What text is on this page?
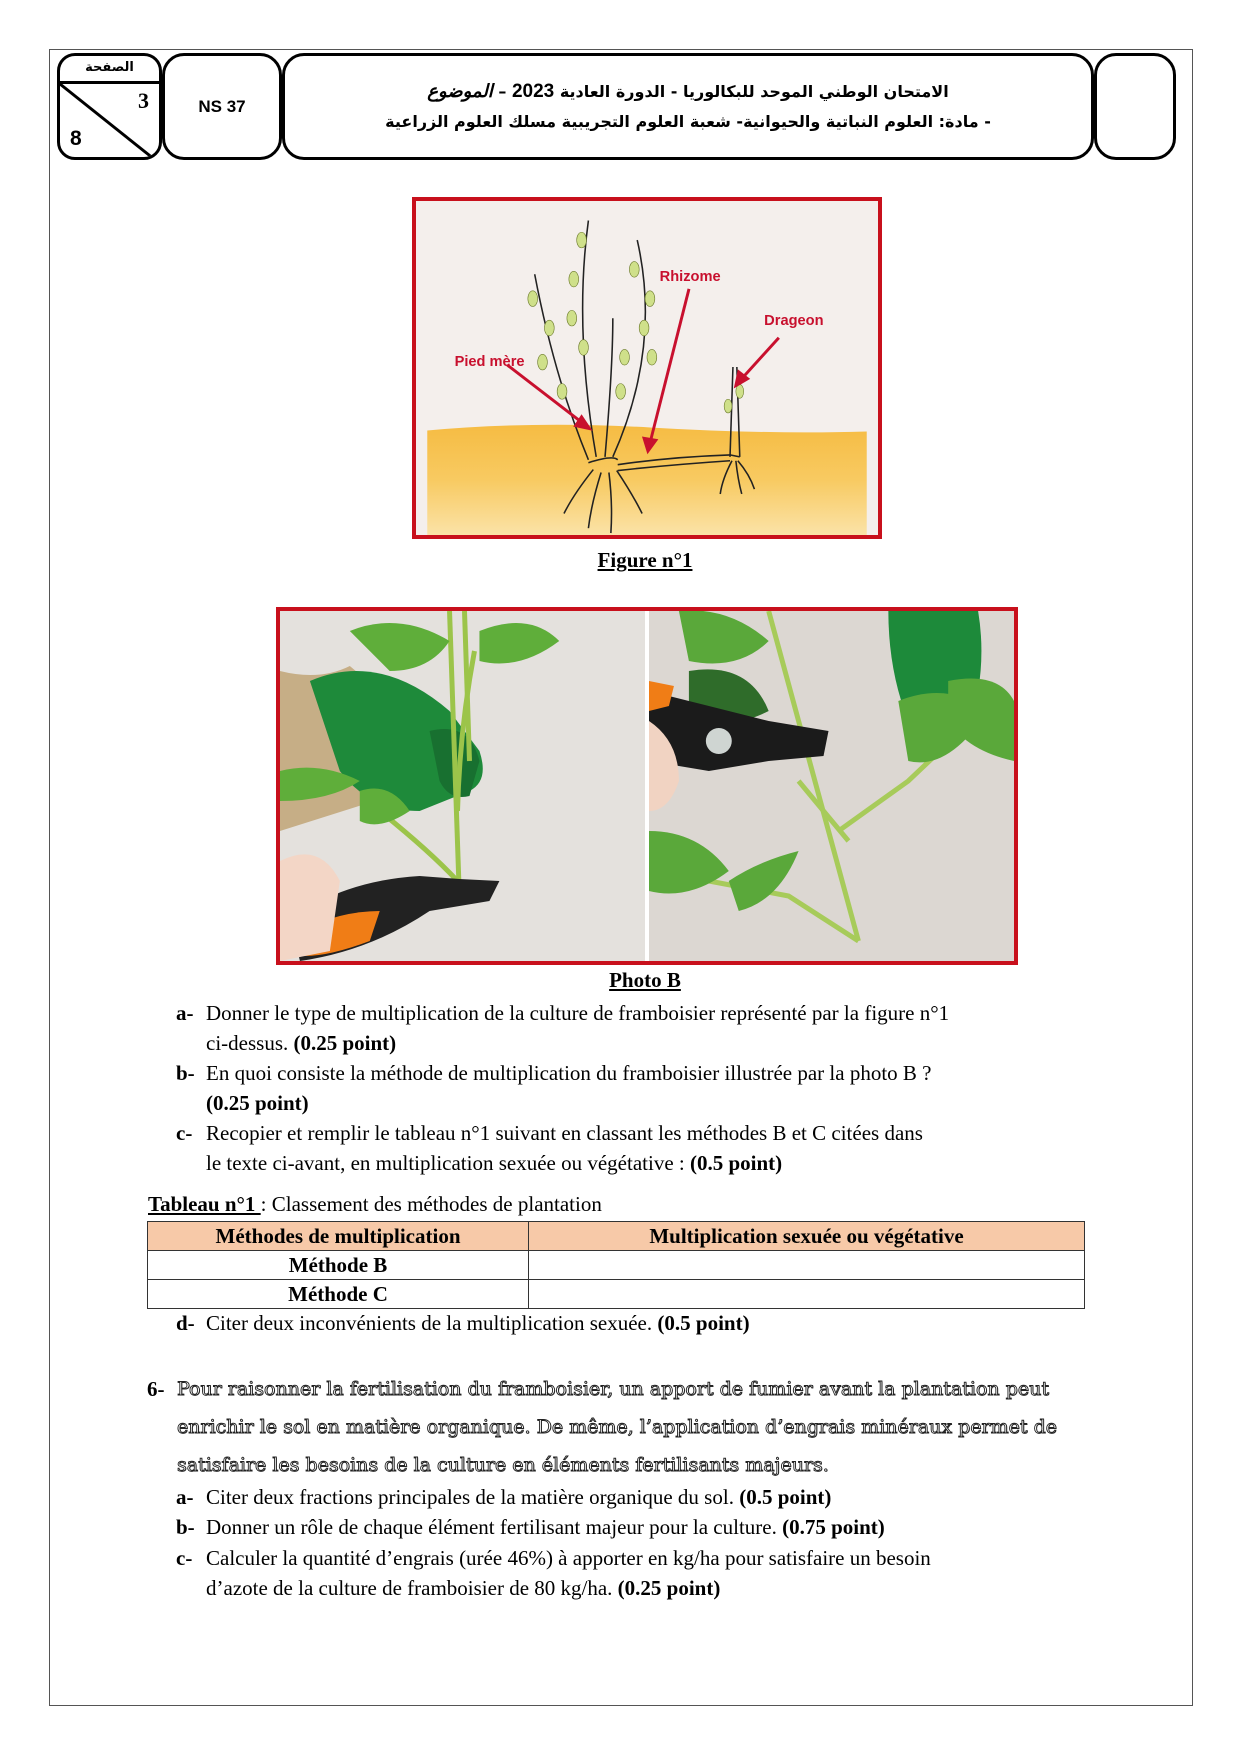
الصفحة
3
8
NS 37
الامتحان الوطني الموحد للبكالوريا - الدورة العادية 2023 – الموضوع
- مادة: العلوم النباتية والحيوانية- شعبة العلوم التجريبية مسلك العلوم الزراعية
Pied mère
Rhizome
Drageon
Figure n°1
Photo B
a- Donner le type de multiplication de la culture de framboisier représenté par la figure n°1
ci-dessus. (0.25 point)
b- En quoi consiste la méthode de multiplication du framboisier illustrée par la photo B ?
(0.25 point)
c- Recopier et remplir le tableau n°1 suivant en classant les méthodes B et C citées dans
le texte ci-avant, en multiplication sexuée ou végétative : (0.5 point)
Tableau n°1 : Classement des méthodes de plantation
Méthodes de multiplication	Multiplication sexuée ou végétative
Méthode B	
Méthode C	
d- Citer deux inconvénients de la multiplication sexuée. (0.5 point)
6- Pour raisonner la fertilisation du framboisier, un apport de fumier avant la plantation peut
enrichir le sol en matière organique. De même, l’application d’engrais minéraux permet de
satisfaire les besoins de la culture en éléments fertilisants majeurs.
a- Citer deux fractions principales de la matière organique du sol. (0.5 point)
b- Donner un rôle de chaque élément fertilisant majeur pour la culture. (0.75 point)
c- Calculer la quantité d’engrais (urée 46%) à apporter en kg/ha pour satisfaire un besoin
d’azote de la culture de framboisier de 80 kg/ha. (0.25 point)
